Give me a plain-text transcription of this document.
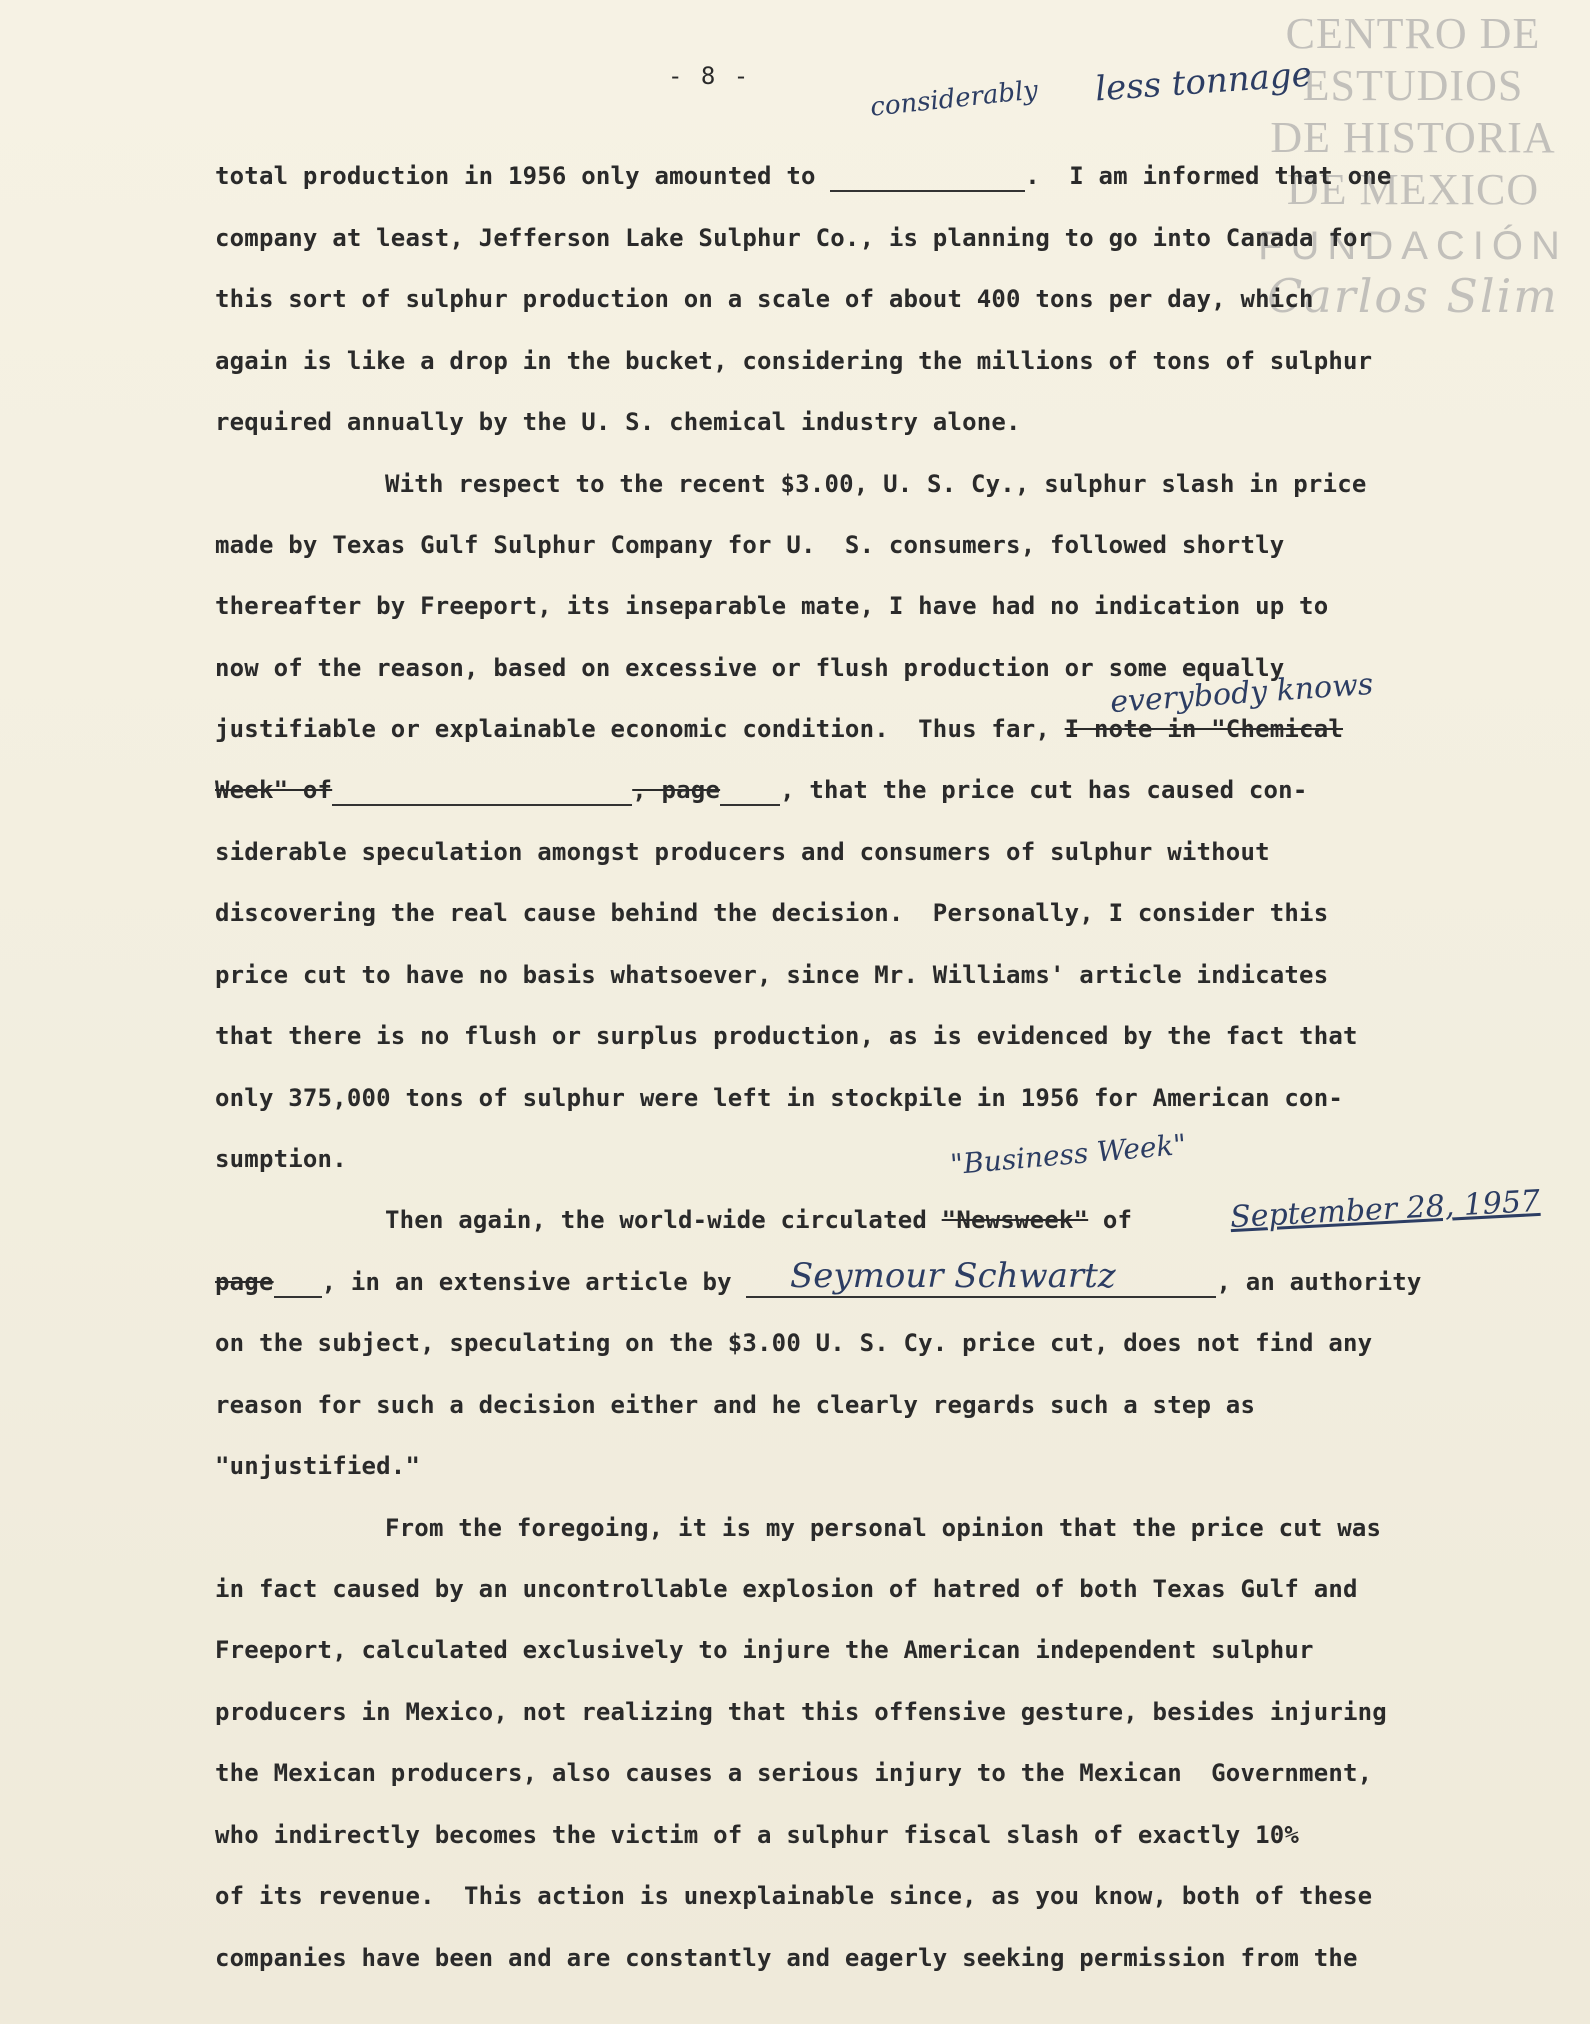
CENTRO DE
ESTUDIOS
DE HISTORIA
DE MEXICO
FUNDACIÓN
Carlos Slim
- 8 -	considerably less tonnage
total production in 1956 only amounted to	.  I am informed that one
company at least, Jefferson Lake Sulphur Co., is planning to go into Canada for
this sort of sulphur production on a scale of about 400 tons per day, which
again is like a drop in the bucket, considering the millions of tons of sulphur
required annually by the U. S. chemical industry alone.
With respect to the recent $3.00, U. S. Cy., sulphur slash in price
made by Texas Gulf Sulphur Company for U.  S. consumers, followed shortly
thereafter by Freeport, its inseparable mate, I have had no indication up to
now of the reason, based on excessive or flush production or some equally
everybody knows
justifiable or explainable economic condition.  Thus far, I note in "Chemical
Week" of	, page	, that the price cut has caused con-
siderable speculation amongst producers and consumers of sulphur without
discovering the real cause behind the decision.  Personally, I consider this
price cut to have no basis whatsoever, since Mr. Williams' article indicates
that there is no flush or surplus production, as is evidenced by the fact that
only 375,000 tons of sulphur were left in stockpile in 1956 for American con-
sumption.	"Business Week"
Then again, the world-wide circulated "Newsweek" of	September 28, 1957
page , in an extensive article by	, an authority
Seymour Schwartz
on the subject, speculating on the $3.00 U. S. Cy. price cut, does not find any
reason for such a decision either and he clearly regards such a step as
"unjustified."
From the foregoing, it is my personal opinion that the price cut was
in fact caused by an uncontrollable explosion of hatred of both Texas Gulf and
Freeport, calculated exclusively to injure the American independent sulphur
producers in Mexico, not realizing that this offensive gesture, besides injuring
the Mexican producers, also causes a serious injury to the Mexican  Government,
who indirectly becomes the victim of a sulphur fiscal slash of exactly 10%
of its revenue.  This action is unexplainable since, as you know, both of these
companies have been and are constantly and eagerly seeking permission from the
